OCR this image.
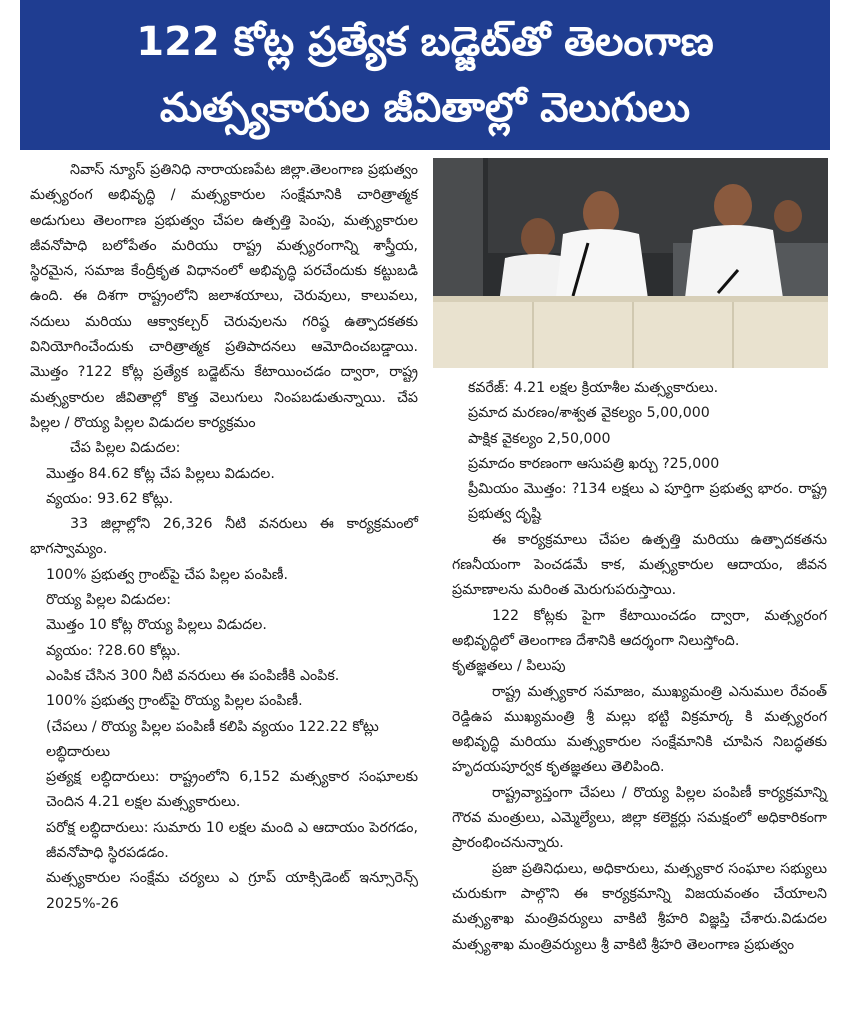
122 కోట్ల ప్రత్యేక బడ్జెట్‌తో తెలంగాణ
మత్స్యకారుల జీవితాల్లో వెలుగులు

నివాస్ న్యూస్ ప్రతినిధి నారాయణపేట జిల్లా.తెలంగాణ ప్రభుత్వం మత్స్యరంగ అభివృద్ధి / మత్స్యకారుల సంక్షేమానికి చారిత్రాత్మక అడుగులు తెలంగాణ ప్రభుత్వం చేపల ఉత్పత్తి పెంపు, మత్స్యకారుల జీవనోపాధి బలోపేతం మరియు రాష్ట్ర మత్స్యరంగాన్ని శాస్త్రీయ, స్థిరమైన, సమాజ కేంద్రీకృత విధానంలో అభివృద్ధి పరచేందుకు కట్టుబడి ఉంది. ఈ దిశగా రాష్ట్రంలోని జలాశయాలు, చెరువులు, కాలువలు, నదులు మరియు ఆక్వాకల్చర్ చెరువులను గరిష్ఠ ఉత్పాదకతకు వినియోగించేందుకు చారిత్రాత్మక ప్రతిపాదనలు ఆమోదించబడ్డాయి. మొత్తం ?122 కోట్ల ప్రత్యేక బడ్జెట్‌ను కేటాయించడం ద్వారా, రాష్ట్ర మత్స్యకారుల జీవితాల్లో కొత్త వెలుగులు నింపబడుతున్నాయి. చేప పిల్లల / రొయ్య పిల్లల విడుదల కార్యక్రమం

చేప పిల్లల విడుదల:

మొత్తం 84.62 కోట్ల చేప పిల్లలు విడుదల.

వ్యయం: 93.62 కోట్లు.

33 జిల్లాల్లోని 26,326 నీటి వనరులు ఈ కార్యక్రమంలో భాగస్వామ్యం.

100% ప్రభుత్వ గ్రాంట్‌పై చేప పిల్లల పంపిణీ.

రొయ్య పిల్లల విడుదల:

మొత్తం 10 కోట్ల రొయ్య పిల్లలు విడుదల.

వ్యయం: ?28.60 కోట్లు.

ఎంపిక చేసిన 300 నీటి వనరులు ఈ పంపిణీకి ఎంపిక.

100% ప్రభుత్వ గ్రాంట్‌పై రొయ్య పిల్లల పంపిణీ.

(చేపలు / రొయ్య పిల్లల పంపిణీ కలిపి వ్యయం 122.22 కోట్లు

లబ్ధిదారులు

ప్రత్యక్ష లబ్ధిదారులు: రాష్ట్రంలోని 6,152 మత్స్యకార సంఘాలకు చెందిన 4.21 లక్షల మత్స్యకారులు.

పరోక్ష లబ్ధిదారులు: సుమారు 10 లక్షల మంది ఎ ఆదాయం పెరగడం, జీవనోపాధి స్థిరపడడం.

మత్స్యకారుల సంక్షేమ చర్యలు ఎ గ్రూప్ యాక్సిడెంట్ ఇన్సూరెన్స్ 2025%-26

కవరేజ్: 4.21 లక్షల క్రియాశీల మత్స్యకారులు.

ప్రమాద మరణం/శాశ్వత వైకల్యం 5,00,000

పాక్షిక వైకల్యం 2,50,000

ప్రమాదం కారణంగా ఆసుపత్రి ఖర్చు ?25,000

ప్రీమియం మొత్తం: ?134 లక్షలు ఎ పూర్తిగా ప్రభుత్వ భారం. రాష్ట్ర ప్రభుత్వ దృష్టి

ఈ కార్యక్రమాలు చేపల ఉత్పత్తి మరియు ఉత్పాదకతను గణనీయంగా పెంచడమే కాక, మత్స్యకారుల ఆదాయం, జీవన ప్రమాణాలను మరింత మెరుగుపరుస్తాయి.

122 కోట్లకు పైగా కేటాయించడం ద్వారా, మత్స్యరంగ అభివృద్ధిలో తెలంగాణ దేశానికి ఆదర్శంగా నిలుస్తోంది.

కృతజ్ఞతలు / పిలుపు

రాష్ట్ర మత్స్యకార సమాజం, ముఖ్యమంత్రి ఎనుముల రేవంత్ రెడ్డిఉప ముఖ్యమంత్రి శ్రీ మల్లు భట్టి విక్రమార్క కి మత్స్యరంగ అభివృద్ధి మరియు మత్స్యకారుల సంక్షేమానికి చూపిన నిబద్ధతకు హృదయపూర్వక కృతజ్ఞతలు తెలిపింది.

రాష్ట్రవ్యాప్తంగా చేపలు / రొయ్య పిల్లల పంపిణీ కార్యక్రమాన్ని గౌరవ మంత్రులు, ఎమ్మెల్యేలు, జిల్లా కలెక్టర్లు సమక్షంలో అధికారికంగా ప్రారంభించనున్నారు.

ప్రజా ప్రతినిధులు, అధికారులు, మత్స్యకార సంఘాల సభ్యులు చురుకుగా పాల్గొని ఈ కార్యక్రమాన్ని విజయవంతం చేయాలని మత్స్యశాఖ మంత్రివర్యులు వాకిటి శ్రీహరి విజ్ఞప్తి చేశారు.విడుదల మత్స్యశాఖ మంత్రివర్యులు శ్రీ వాకిటి శ్రీహరి తెలంగాణ ప్రభుత్వం
